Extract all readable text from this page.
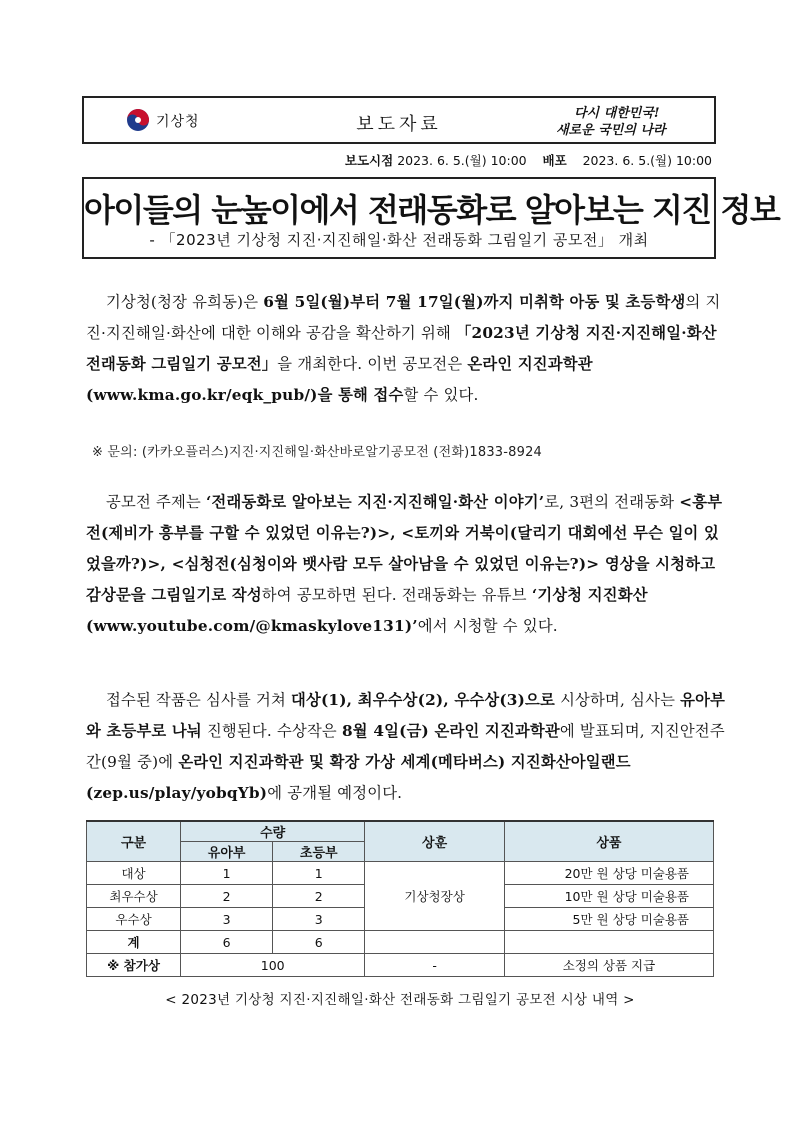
기상청	보도자료
다시 대한민국!
새로운 국민의 나라
보도시점 2023. 6. 5.(월) 10:00 배포 2023. 6. 5.(월) 10:00
아이들의 눈높이에서 전래동화로 알아보는 지진 정보
- 「2023년 기상청 지진·지진해일·화산 전래동화 그림일기 공모전」 개최

기상청(청장 유희동)은 6월 5일(월)부터 7월 17일(월)까지 미취학 아동 및 초등학생의 지진·지진해일·화산에 대한 이해와 공감을 확산하기 위해 「2023년 기상청 지진·지진해일·화산 전래동화 그림일기 공모전」을 개최한다. 이번 공모전은 온라인 지진과학관(www.kma.go.kr/eqk_pub/)을 통해 접수할 수 있다.

※ 문의: (카카오플러스)지진·지진해일·화산바로알기공모전 (전화)1833-8924

공모전 주제는 ‘전래동화로 알아보는 지진·지진해일·화산 이야기’로, 3편의 전래동화 <흥부전(제비가 흥부를 구할 수 있었던 이유는?)>, <토끼와 거북이(달리기 대회에선 무슨 일이 있었을까?)>, <심청전(심청이와 뱃사람 모두 살아남을 수 있었던 이유는?)> 영상을 시청하고 감상문을 그림일기로 작성하여 공모하면 된다. 전래동화는 유튜브 ‘기상청 지진화산(www.youtube.com/@kmaskylove131)’에서 시청할 수 있다.

접수된 작품은 심사를 거쳐 대상(1), 최우수상(2), 우수상(3)으로 시상하며, 심사는 유아부와 초등부로 나눠 진행된다. 수상작은 8월 4일(금) 온라인 지진과학관에 발표되며, 지진안전주간(9월 중)에 온라인 지진과학관 및 확장 가상 세계(메타버스) 지진화산아일랜드(zep.us/play/yobqYb)에 공개될 예정이다.

구분	수량		상훈	상품
	유아부	초등부		
대상	1	1	기상청장상	20만 원 상당 미술용품
최우수상	2	2		10만 원 상당 미술용품
우수상	3	3		5만 원 상당 미술용품
계	6	6		
※ 참가상	100		-	소정의 상품 지급
< 2023년 기상청 지진·지진해일·화산 전래동화 그림일기 공모전 시상 내역 >
